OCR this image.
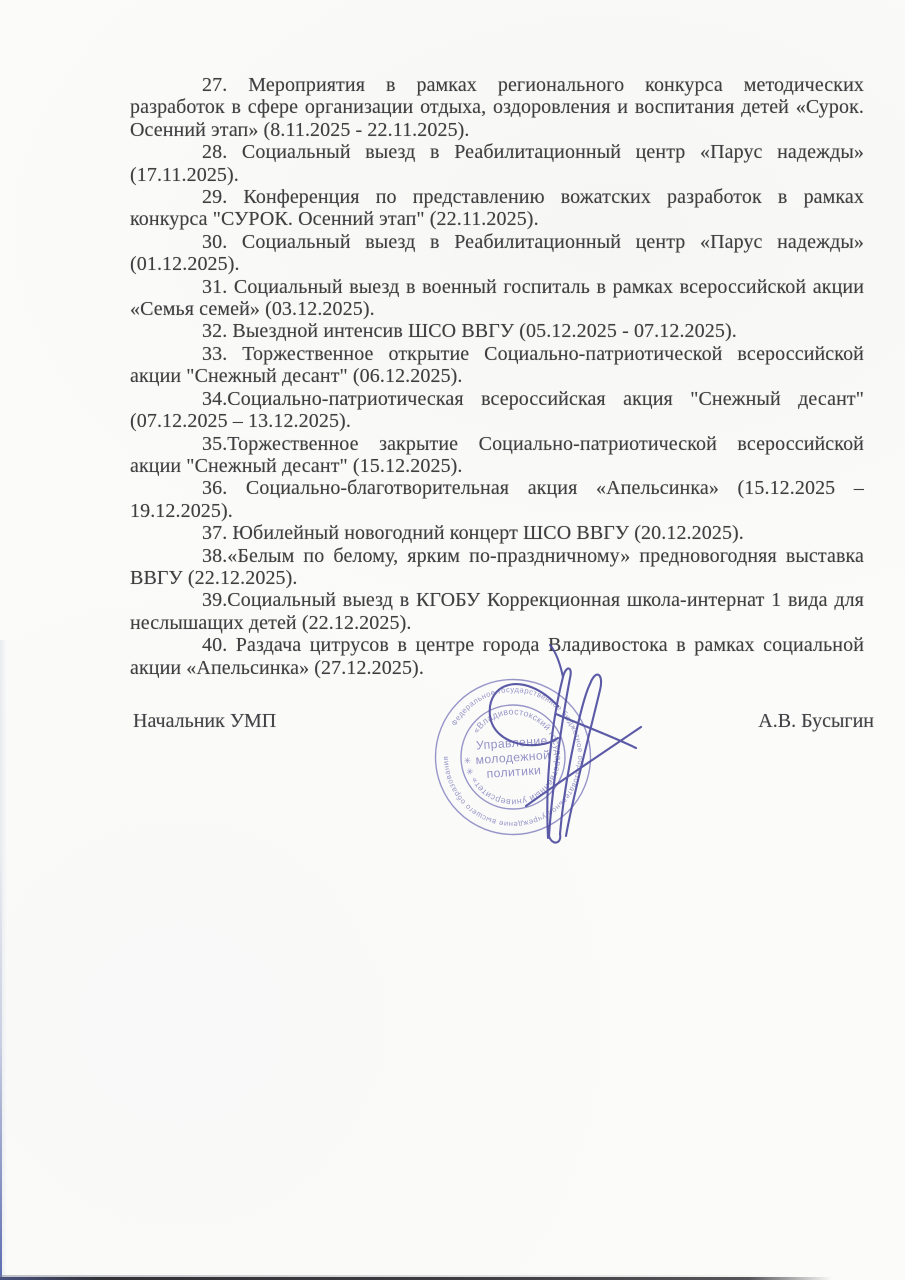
27. Мероприятия в рамках регионального конкурса методических разработок в сфере организации отдыха, оздоровления и воспитания детей «Сурок. Осенний этап» (8.11.2025 - 22.11.2025).

28. Социальный выезд в Реабилитационный центр «Парус надежды» (17.11.2025).

29. Конференция по представлению вожатских разработок в рамках конкурса "СУРОК. Осенний этап" (22.11.2025).

30. Социальный выезд в Реабилитационный центр «Парус надежды» (01.12.2025).

31. Социальный выезд в военный госпиталь в рамках всероссийской акции «Семья семей» (03.12.2025).

32. Выездной интенсив ШСО ВВГУ (05.12.2025 - 07.12.2025).

33. Торжественное открытие Социально-патриотической всероссийской акции "Снежный десант" (06.12.2025).

34.Социально-патриотическая всероссийская акция "Снежный десант" (07.12.2025 – 13.12.2025).

35.Торжественное закрытие Социально-патриотической всероссийской акции "Снежный десант" (15.12.2025).

36. Социально-благотворительная акция «Апельсинка» (15.12.2025 – 19.12.2025).

37. Юбилейный новогодний концерт ШСО ВВГУ (20.12.2025).

38.«Белым по белому, ярким по-праздничному» предновогодняя выставка ВВГУ (22.12.2025).

39.Социальный выезд в КГОБУ Коррекционная школа-интернат 1 вида для неслышащих детей (22.12.2025).

40. Раздача цитрусов в центре города Владивостока в рамках социальной акции «Апельсинка» (27.12.2025).

Начальник УМП	А.В. Бусыгин
Федеральное государственное бюджетное образовательное учреждение высшего образования
«Владивостокский государственный университет» ✳ ✳
Управление
молодежной
политики
